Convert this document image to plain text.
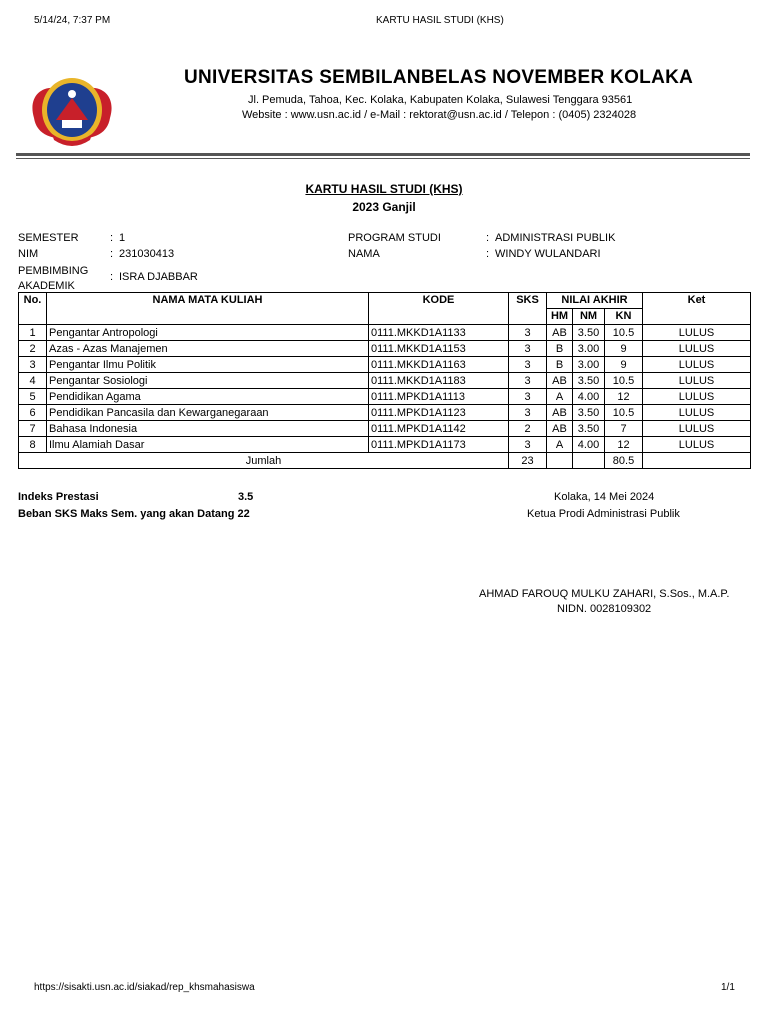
5/14/24, 7:37 PM	KARTU HASIL STUDI (KHS)
UNIVERSITAS SEMBILANBELAS NOVEMBER KOLAKA
Jl. Pemuda, Tahoa, Kec. Kolaka, Kabupaten Kolaka, Sulawesi Tenggara 93561
Website : www.usn.ac.id / e-Mail : rektorat@usn.ac.id / Telepon : (0405) 2324028
KARTU HASIL STUDI (KHS)
2023 Ganjil
SEMESTER	: 1
NIM	: 231030413
PEMBIMBING
AKADEMIK
: ISRA DJABBAR
PROGRAM STUDI	: ADMINISTRASI PUBLIK
NAMA	: WINDY WULANDARI
No.	NAMA MATA KULIAH	KODE	SKS	NILAI AKHIR			Ket
				HM	NM	KN	
1	Pengantar Antropologi	0111.MKKD1A1133	3	AB	3.50	10.5	LULUS
2	Azas - Azas Manajemen	0111.MKKD1A1153	3	B	3.00	9	LULUS
3	Pengantar Ilmu Politik	0111.MKKD1A1163	3	B	3.00	9	LULUS
4	Pengantar Sosiologi	0111.MKKD1A1183	3	AB	3.50	10.5	LULUS
5	Pendidikan Agama	0111.MPKD1A1113	3	A	4.00	12	LULUS
6	Pendidikan Pancasila dan Kewarganegaraan	0111.MPKD1A1123	3	AB	3.50	10.5	LULUS
7	Bahasa Indonesia	0111.MPKD1A1142	2	AB	3.50	7	LULUS
8	Ilmu Alamiah Dasar	0111.MPKD1A1173	3	A	4.00	12	LULUS
Jumlah			23			80.5	
Indeks Prestasi	3.5
Beban SKS Maks Sem. yang akan Datang 22
Kolaka, 14 Mei 2024
Ketua Prodi Administrasi Publik
AHMAD FAROUQ MULKU ZAHARI, S.Sos., M.A.P.
NIDN. 0028109302
https://sisakti.usn.ac.id/siakad/rep_khsmahasiswa	1/1
